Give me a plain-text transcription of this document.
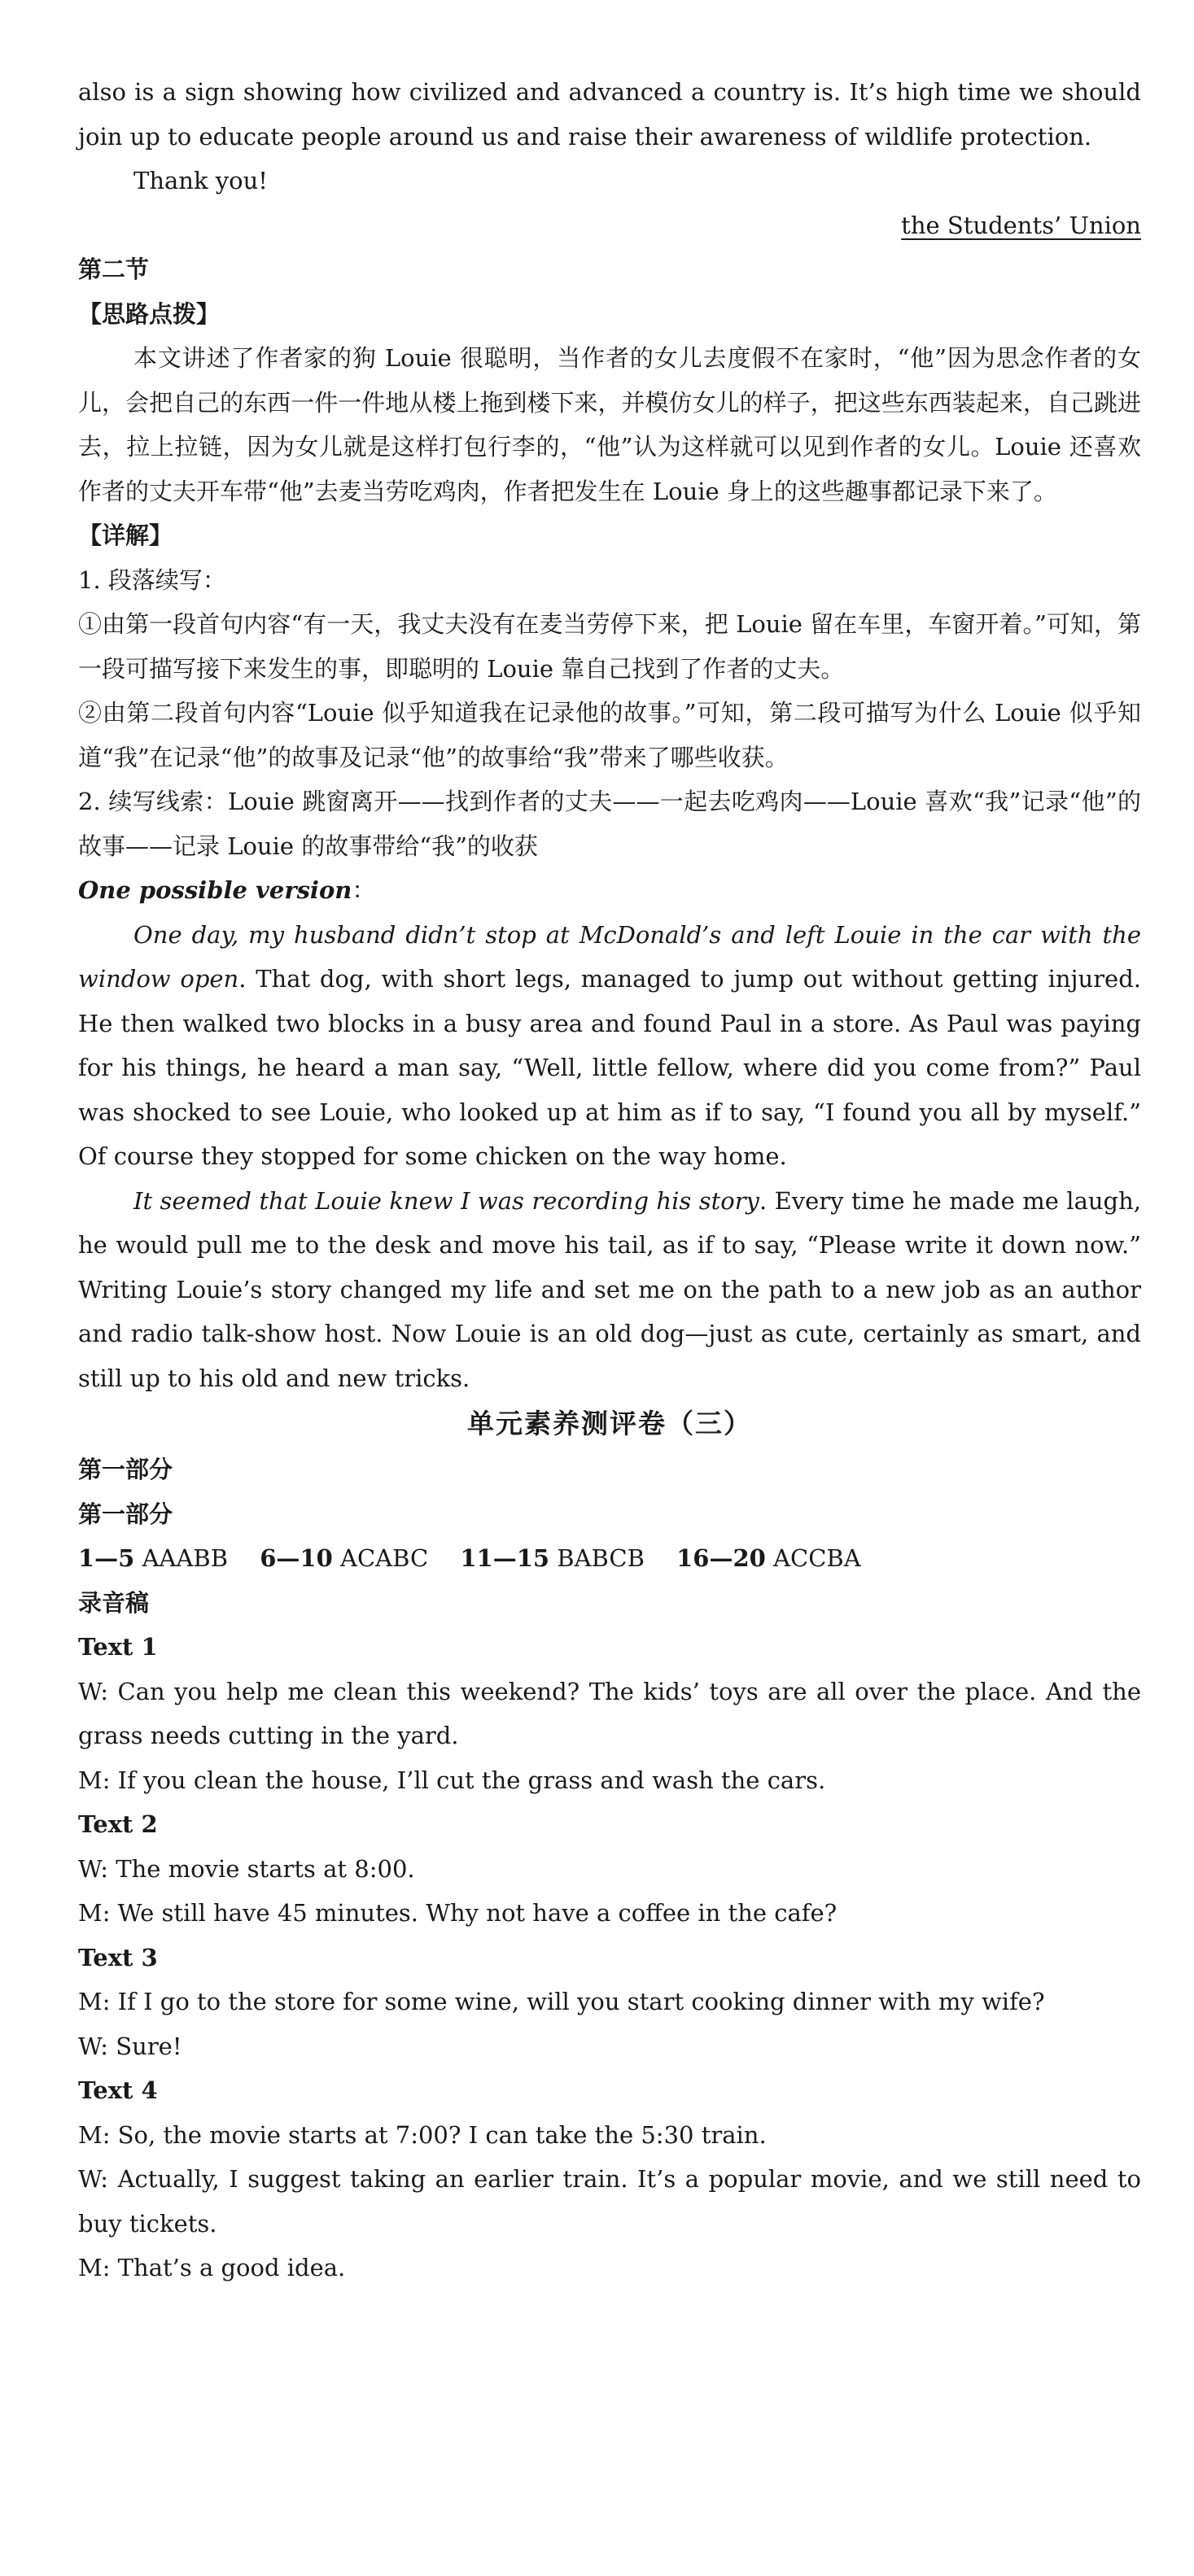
also is a sign showing how civilized and advanced a country is. It’s high time we should join up to educate people around us and raise their awareness of wildlife protection.

Thank you!

the Students’ Union

第二节

【思路点拨】

本文讲述了作者家的狗 Louie 很聪明，当作者的女儿去度假不在家时，“他”因为思念作者的女儿，会把自己的东西一件一件地从楼上拖到楼下来，并模仿女儿的样子，把这些东西装起来，自己跳进去，拉上拉链，因为女儿就是这样打包行李的，“他”认为这样就可以见到作者的女儿。Louie 还喜欢作者的丈夫开车带“他”去麦当劳吃鸡肉，作者把发生在 Louie 身上的这些趣事都记录下来了。

【详解】

1. 段落续写：

①由第一段首句内容“有一天，我丈夫没有在麦当劳停下来，把 Louie 留在车里，车窗开着。”可知，第一段可描写接下来发生的事，即聪明的 Louie 靠自己找到了作者的丈夫。

②由第二段首句内容“Louie 似乎知道我在记录他的故事。”可知，第二段可描写为什么 Louie 似乎知道“我”在记录“他”的故事及记录“他”的故事给“我”带来了哪些收获。

2. 续写线索：Louie 跳窗离开——找到作者的丈夫——一起去吃鸡肉——Louie 喜欢“我”记录“他”的故事——记录 Louie 的故事带给“我”的收获

One possible version：

One day, my husband didn’t stop at McDonald’s and left Louie in the car with the window open. That dog, with short legs, managed to jump out without getting injured. He then walked two blocks in a busy area and found Paul in a store. As Paul was paying for his things, he heard a man say, “Well, little fellow, where did you come from?” Paul was shocked to see Louie, who looked up at him as if to say, “I found you all by myself.” Of course they stopped for some chicken on the way home.

It seemed that Louie knew I was recording his story. Every time he made me laugh, he would pull me to the desk and move his tail, as if to say, “Please write it down now.” Writing Louie’s story changed my life and set me on the path to a new job as an author and radio talk-show host. Now Louie is an old dog—just as cute, certainly as smart, and still up to his old and new tricks.

单元素养测评卷（三）

第一部分

第一部分

1—5 AAABB 6—10 ACABC 11—15 BABCB 16—20 ACCBA

录音稿

Text 1

W: Can you help me clean this weekend? The kids’ toys are all over the place. And the grass needs cutting in the yard.

M: If you clean the house, I’ll cut the grass and wash the cars.

Text 2

W: The movie starts at 8:00.

M: We still have 45 minutes. Why not have a coffee in the cafe?

Text 3

M: If I go to the store for some wine, will you start cooking dinner with my wife?

W: Sure!

Text 4

M: So, the movie starts at 7:00? I can take the 5:30 train.

W: Actually, I suggest taking an earlier train. It’s a popular movie, and we still need to buy tickets.

M: That’s a good idea.
